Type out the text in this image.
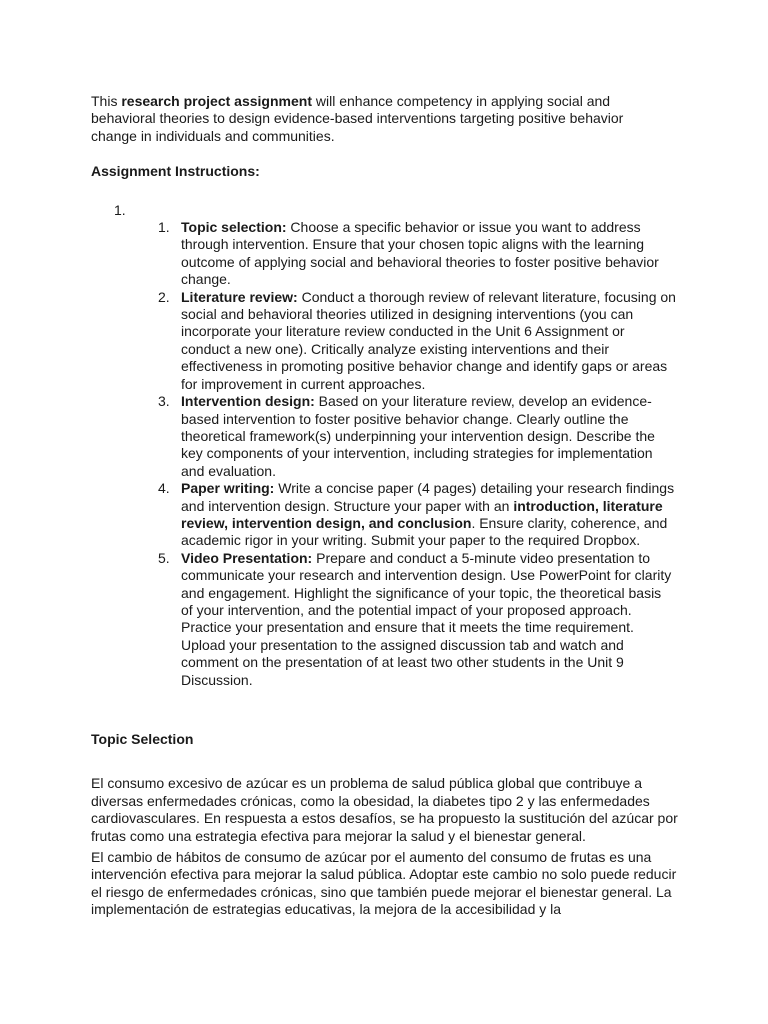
This research project assignment will enhance competency in applying social and behavioral theories to design evidence-based interventions targeting positive behavior change in individuals and communities.

Assignment Instructions:

1.
1. Topic selection: Choose a specific behavior or issue you want to address through intervention. Ensure that your chosen topic aligns with the learning outcome of applying social and behavioral theories to foster positive behavior change.
2. Literature review: Conduct a thorough review of relevant literature, focusing on social and behavioral theories utilized in designing interventions (you can incorporate your literature review conducted in the Unit 6 Assignment or conduct a new one). Critically analyze existing interventions and their effectiveness in promoting positive behavior change and identify gaps or areas for improvement in current approaches.
3. Intervention design: Based on your literature review, develop an evidence-based intervention to foster positive behavior change. Clearly outline the theoretical framework(s) underpinning your intervention design. Describe the key components of your intervention, including strategies for implementation and evaluation.
4. Paper writing: Write a concise paper (4 pages) detailing your research findings and intervention design. Structure your paper with an introduction, literature review, intervention design, and conclusion. Ensure clarity, coherence, and academic rigor in your writing. Submit your paper to the required Dropbox.
5. Video Presentation: Prepare and conduct a 5-minute video presentation to communicate your research and intervention design. Use PowerPoint for clarity and engagement. Highlight the significance of your topic, the theoretical basis of your intervention, and the potential impact of your proposed approach. Practice your presentation and ensure that it meets the time requirement. Upload your presentation to the assigned discussion tab and watch and comment on the presentation of at least two other students in the Unit 9 Discussion.

Topic Selection

El consumo excesivo de azúcar es un problema de salud pública global que contribuye a diversas enfermedades crónicas, como la obesidad, la diabetes tipo 2 y las enfermedades cardiovasculares. En respuesta a estos desafíos, se ha propuesto la sustitución del azúcar por frutas como una estrategia efectiva para mejorar la salud y el bienestar general.

El cambio de hábitos de consumo de azúcar por el aumento del consumo de frutas es una intervención efectiva para mejorar la salud pública. Adoptar este cambio no solo puede reducir el riesgo de enfermedades crónicas, sino que también puede mejorar el bienestar general. La implementación de estrategias educativas, la mejora de la accesibilidad y la
